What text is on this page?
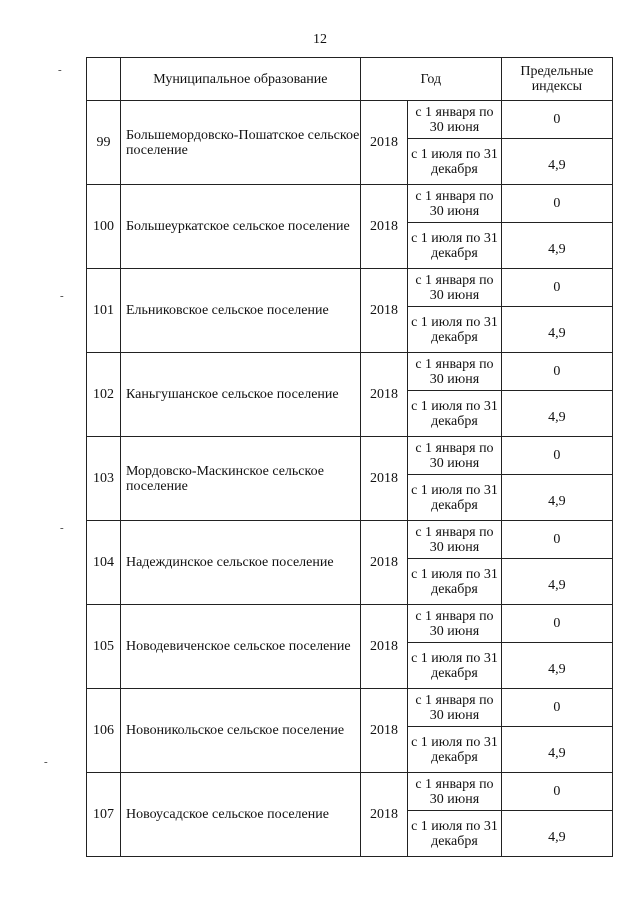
12
-
-
-
-
	Муниципальное образование	Год		Предельные индексы
99	Большемордовско-Пошатское сельское поселение	2018	с 1 января по 30 июня	0
			с 1 июля по 31 декабря	4,9
100	Большеуркатское сельское поселение	2018	с 1 января по 30 июня	0
			с 1 июля по 31 декабря	4,9
101	Ельниковское сельское поселение	2018	с 1 января по 30 июня	0
			с 1 июля по 31 декабря	4,9
102	Каньгушанское сельское поселение	2018	с 1 января по 30 июня	0
			с 1 июля по 31 декабря	4,9
103	Мордовско-Маскинское сельское поселение	2018	с 1 января по 30 июня	0
			с 1 июля по 31 декабря	4,9
104	Надеждинское сельское поселение	2018	с 1 января по 30 июня	0
			с 1 июля по 31 декабря	4,9
105	Новодевиченское сельское поселение	2018	с 1 января по 30 июня	0
			с 1 июля по 31 декабря	4,9
106	Новоникольское сельское поселение	2018	с 1 января по 30 июня	0
			с 1 июля по 31 декабря	4,9
107	Новоусадское сельское поселение	2018	с 1 января по 30 июня	0
			с 1 июля по 31 декабря	4,9
